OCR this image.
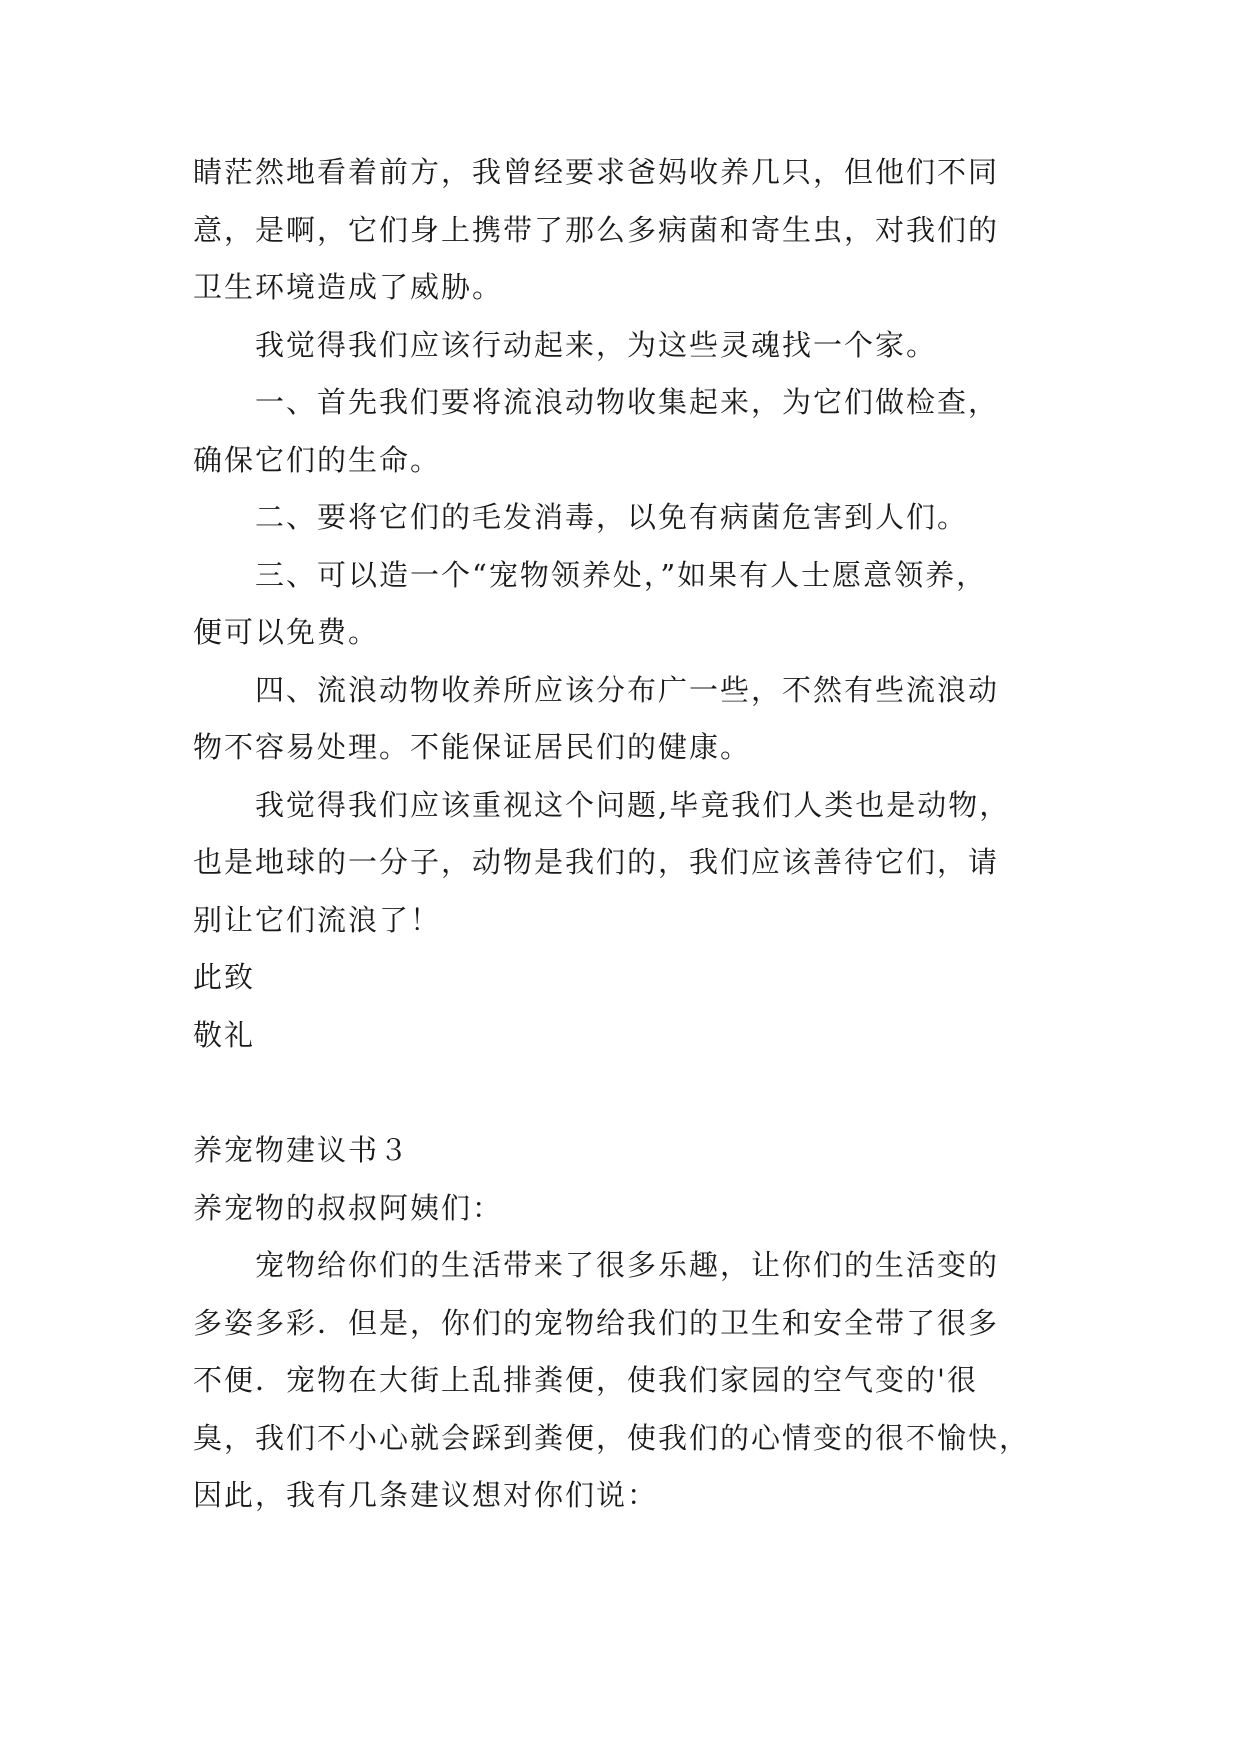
睛茫然地看着前方，我曾经要求爸妈收养几只，但他们不同
意，是啊，它们身上携带了那么多病菌和寄生虫，对我们的
卫生环境造成了威胁。
我觉得我们应该行动起来，为这些灵魂找一个家。
一、首先我们要将流浪动物收集起来，为它们做检查，
确保它们的生命。
二、要将它们的毛发消毒，以免有病菌危害到人们。
三、可以造一个“宠物领养处，”如果有人士愿意领养，
便可以免费。
四、流浪动物收养所应该分布广一些，不然有些流浪动
物不容易处理。不能保证居民们的健康。
我觉得我们应该重视这个问题,毕竟我们人类也是动物，
也是地球的一分子，动物是我们的，我们应该善待它们，请
别让它们流浪了！
此致
敬礼
养宠物建议书３
养宠物的叔叔阿姨们：
宠物给你们的生活带来了很多乐趣，让你们的生活变的
多姿多彩．但是，你们的宠物给我们的卫生和安全带了很多
不便．宠物在大街上乱排粪便，使我们家园的空气变的'很
臭，我们不小心就会踩到粪便，使我们的心情变的很不愉快，
因此，我有几条建议想对你们说：
